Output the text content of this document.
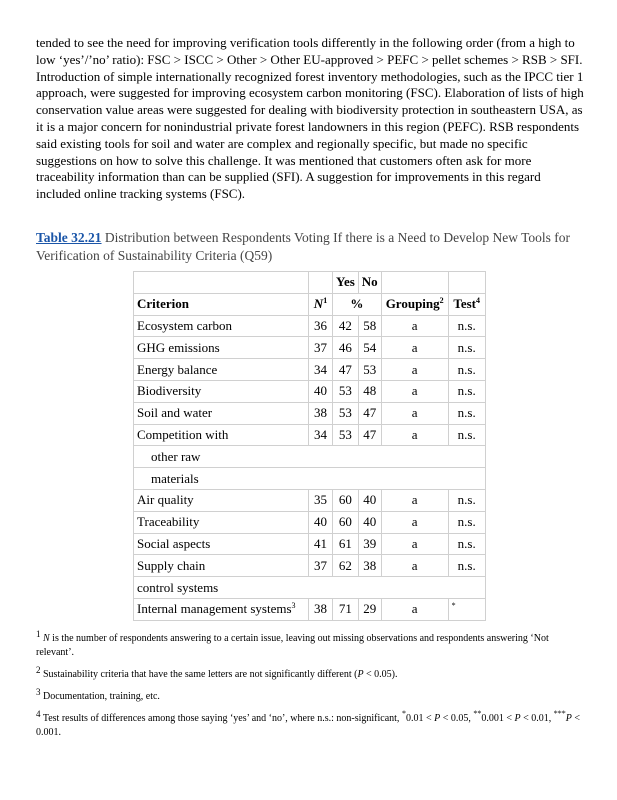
tended to see the need for improving verification tools differently in the following order (from a high to low ‘yes’/’no’ ratio): FSC > ISCC > Other > Other EU-approved > PEFC > pellet schemes > RSB > SFI. Introduction of simple internationally recognized forest inventory methodologies, such as the IPCC tier 1 approach, were suggested for improving ecosystem carbon monitoring (FSC). Elaboration of lists of high conservation value areas were suggested for dealing with biodiversity protection in southeastern USA, as it is a major concern for nonindustrial private forest landowners in this region (PEFC). RSB respondents said existing tools for soil and water are complex and regionally specific, but made no specific suggestions on how to solve this challenge. It was mentioned that customers often ask for more traceability information than can be supplied (SFI). A suggestion for improvements in this regard included online tracking systems (FSC).

Table 32.21 Distribution between Respondents Voting If there is a Need to Develop New Tools for Verification of Sustainability Criteria (Q59)

		Yes	No		
Criterion	$N^1$	%		Grouping$^2$	Test$^4$
Ecosystem carbon	36	42	58	a	n.s.
GHG emissions	37	46	54	a	n.s.
Energy balance	34	47	53	a	n.s.
Biodiversity	40	53	48	a	n.s.
Soil and water	38	53	47	a	n.s.
Competition with	34	53	47	a	n.s.
other raw					
materials					
Air quality	35	60	40	a	n.s.
Traceability	40	60	40	a	n.s.
Social aspects	41	61	39	a	n.s.
Supply chain	37	62	38	a	n.s.
control systems					
Internal management systems$^3$	38	71	29	a	*

1 N is the number of respondents answering to a certain issue, leaving out missing observations and respondents answering ‘Not relevant’.

2 Sustainability criteria that have the same letters are not significantly different (P < 0.05).

3 Documentation, training, etc.

4 Test results of differences among those saying ‘yes’ and ‘no’, where n.s.: non-significant, *0.01 < P < 0.05, **0.001 < P < 0.01, ***P < 0.001.
